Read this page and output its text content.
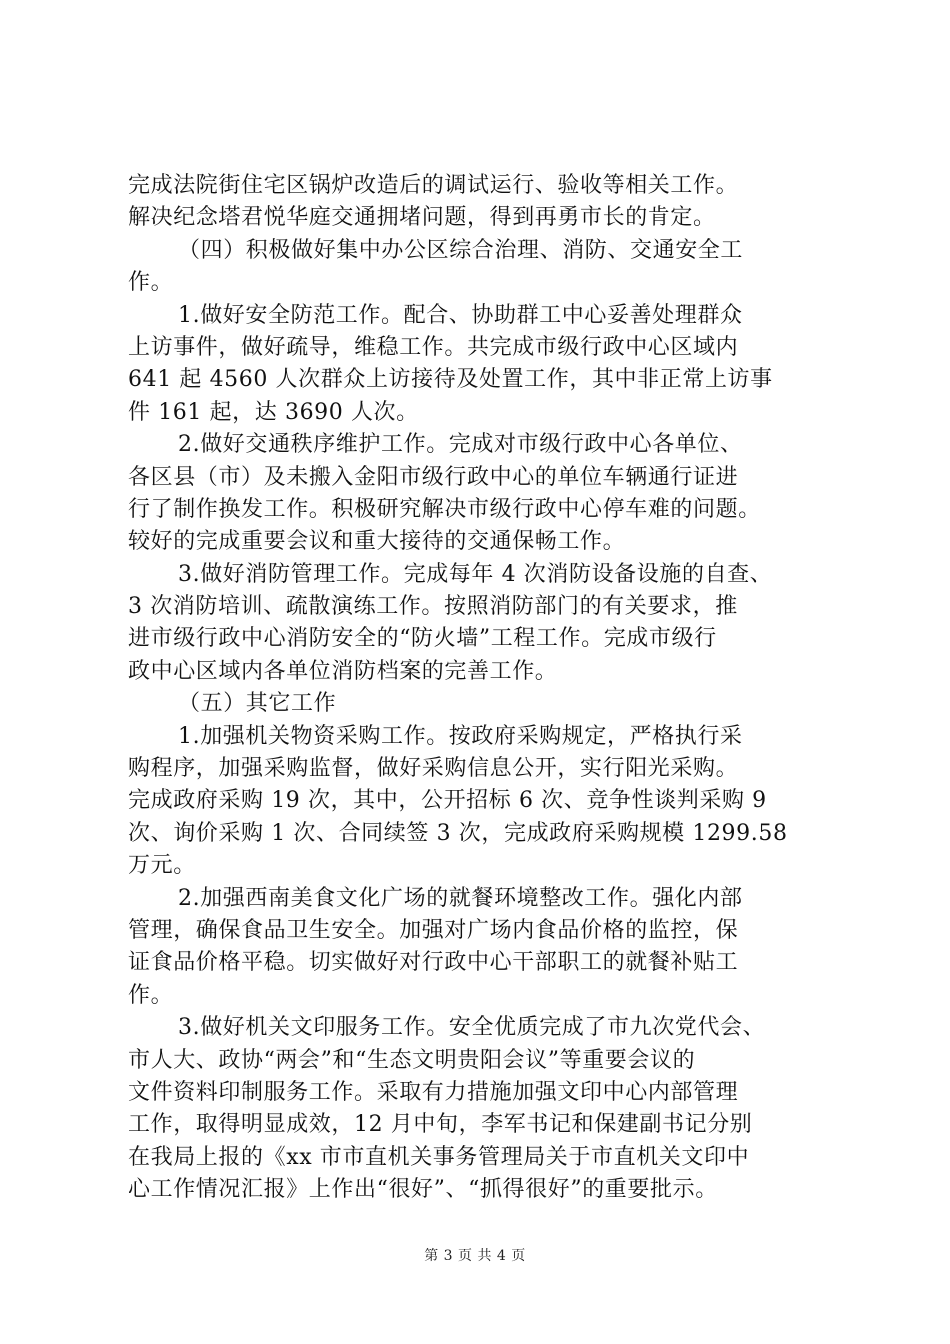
完成法院街住宅区锅炉改造后的调试运行、验收等相关工作。
解决纪念塔君悦华庭交通拥堵问题，得到再勇市长的肯定。
（四）积极做好集中办公区综合治理、消防、交通安全工
作。
1.做好安全防范工作。配合、协助群工中心妥善处理群众
上访事件，做好疏导，维稳工作。共完成市级行政中心区域内
641 起 4560 人次群众上访接待及处置工作，其中非正常上访事
件 161 起，达 3690 人次。
2.做好交通秩序维护工作。完成对市级行政中心各单位、
各区县（市）及未搬入金阳市级行政中心的单位车辆通行证进
行了制作换发工作。积极研究解决市级行政中心停车难的问题。
较好的完成重要会议和重大接待的交通保畅工作。
3.做好消防管理工作。完成每年 4 次消防设备设施的自查、
3 次消防培训、疏散演练工作。按照消防部门的有关要求，推
进市级行政中心消防安全的“防火墙”工程工作。完成市级行
政中心区域内各单位消防档案的完善工作。
（五）其它工作
1.加强机关物资采购工作。按政府采购规定，严格执行采
购程序，加强采购监督，做好采购信息公开，实行阳光采购。
完成政府采购 19 次，其中，公开招标 6 次、竞争性谈判采购 9
次、询价采购 1 次、合同续签 3 次，完成政府采购规模 1299.58
万元。
2.加强西南美食文化广场的就餐环境整改工作。强化内部
管理，确保食品卫生安全。加强对广场内食品价格的监控，保
证食品价格平稳。切实做好对行政中心干部职工的就餐补贴工
作。
3.做好机关文印服务工作。安全优质完成了市九次党代会、
市人大、政协“两会”和“生态文明贵阳会议”等重要会议的
文件资料印制服务工作。采取有力措施加强文印中心内部管理
工作，取得明显成效，12 月中旬，李军书记和保建副书记分别
在我局上报的《xx 市市直机关事务管理局关于市直机关文印中
心工作情况汇报》上作出“很好”、“抓得很好”的重要批示。
第 3 页 共 4 页
